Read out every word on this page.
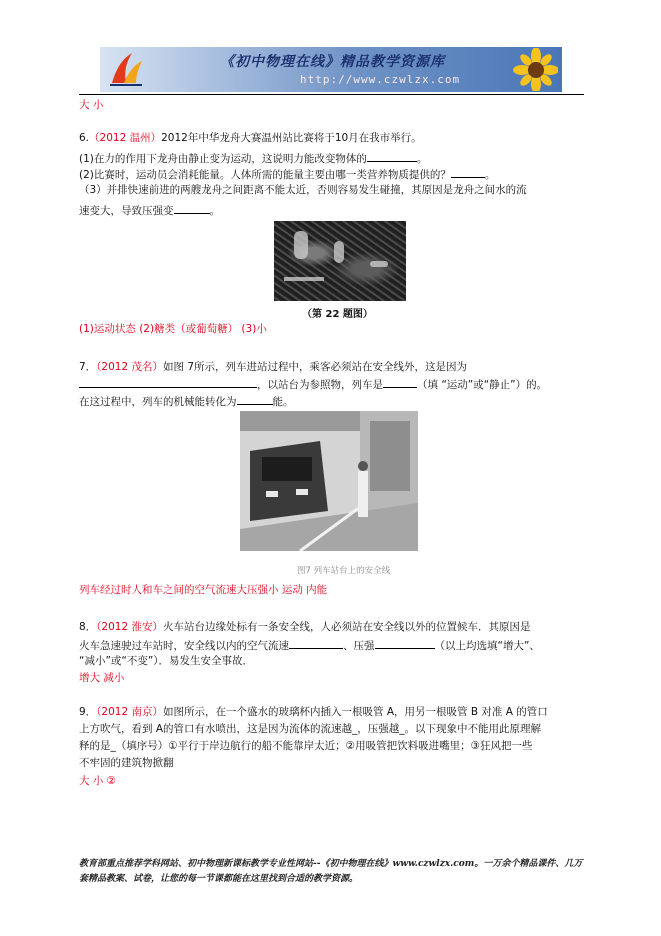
《初中物理在线》精品教学资源库
http://www.czwlzx.com
大 小
6.（2012 温州）2012年中华龙舟大赛温州站比赛将于10月在我市举行。
(1)在力的作用下龙舟由静止变为运动，这说明力能改变物体的	。
(2)比赛时，运动员会消耗能量。人体所需的能量主要由哪一类营养物质提供的？	。
（3）并排快速前进的两艘龙舟之间距离不能太近，否则容易发生碰撞，其原因是龙舟之间水的流
速变大，导致压强变	。
（第 22 题图）
(1)运动状态 (2)糖类（或葡萄糖） (3)小
7．（2012 茂名）如图 7所示，列车进站过程中，乘客必须站在安全线外，这是因为
，以站台为参照物，列车是	（填 “运动”或“静止”）的。
在这过程中，列车的机械能转化为	能。
图7 列车站台上的安全线
列车经过时人和车之间的空气流速大压强小 运动 内能
8．（2012 淮安）火车站台边缘处标有一条安全线，人必须站在安全线以外的位置候车．其原因是
火车急速驶过车站时，安全线以内的空气流速	、压强	（以上均选填“增大”、
“减小”或“不变”）．易发生安全事故．
增大 减小
9．（2012 南京）如图所示，在一个盛水的玻璃杯内插入一根吸管 A，用另一根吸管 B 对准 A 的管口
上方吹气，看到 A的管口有水喷出，这是因为流体的流速越_，压强越_。以下现象中不能用此原理解
释的是_（填序号）①平行于岸边航行的船不能靠岸太近；②用吸管把饮料吸进嘴里；③狂风把一些
不牢固的建筑物掀翻
大 小 ②
教育部重点推荐学科网站、初中物理新课标教学专业性网站--《初中物理在线》www.czwlzx.com。一万余个精品课件、几万套精品教案、试卷，让您的每一节课都能在这里找到合适的教学资源。
